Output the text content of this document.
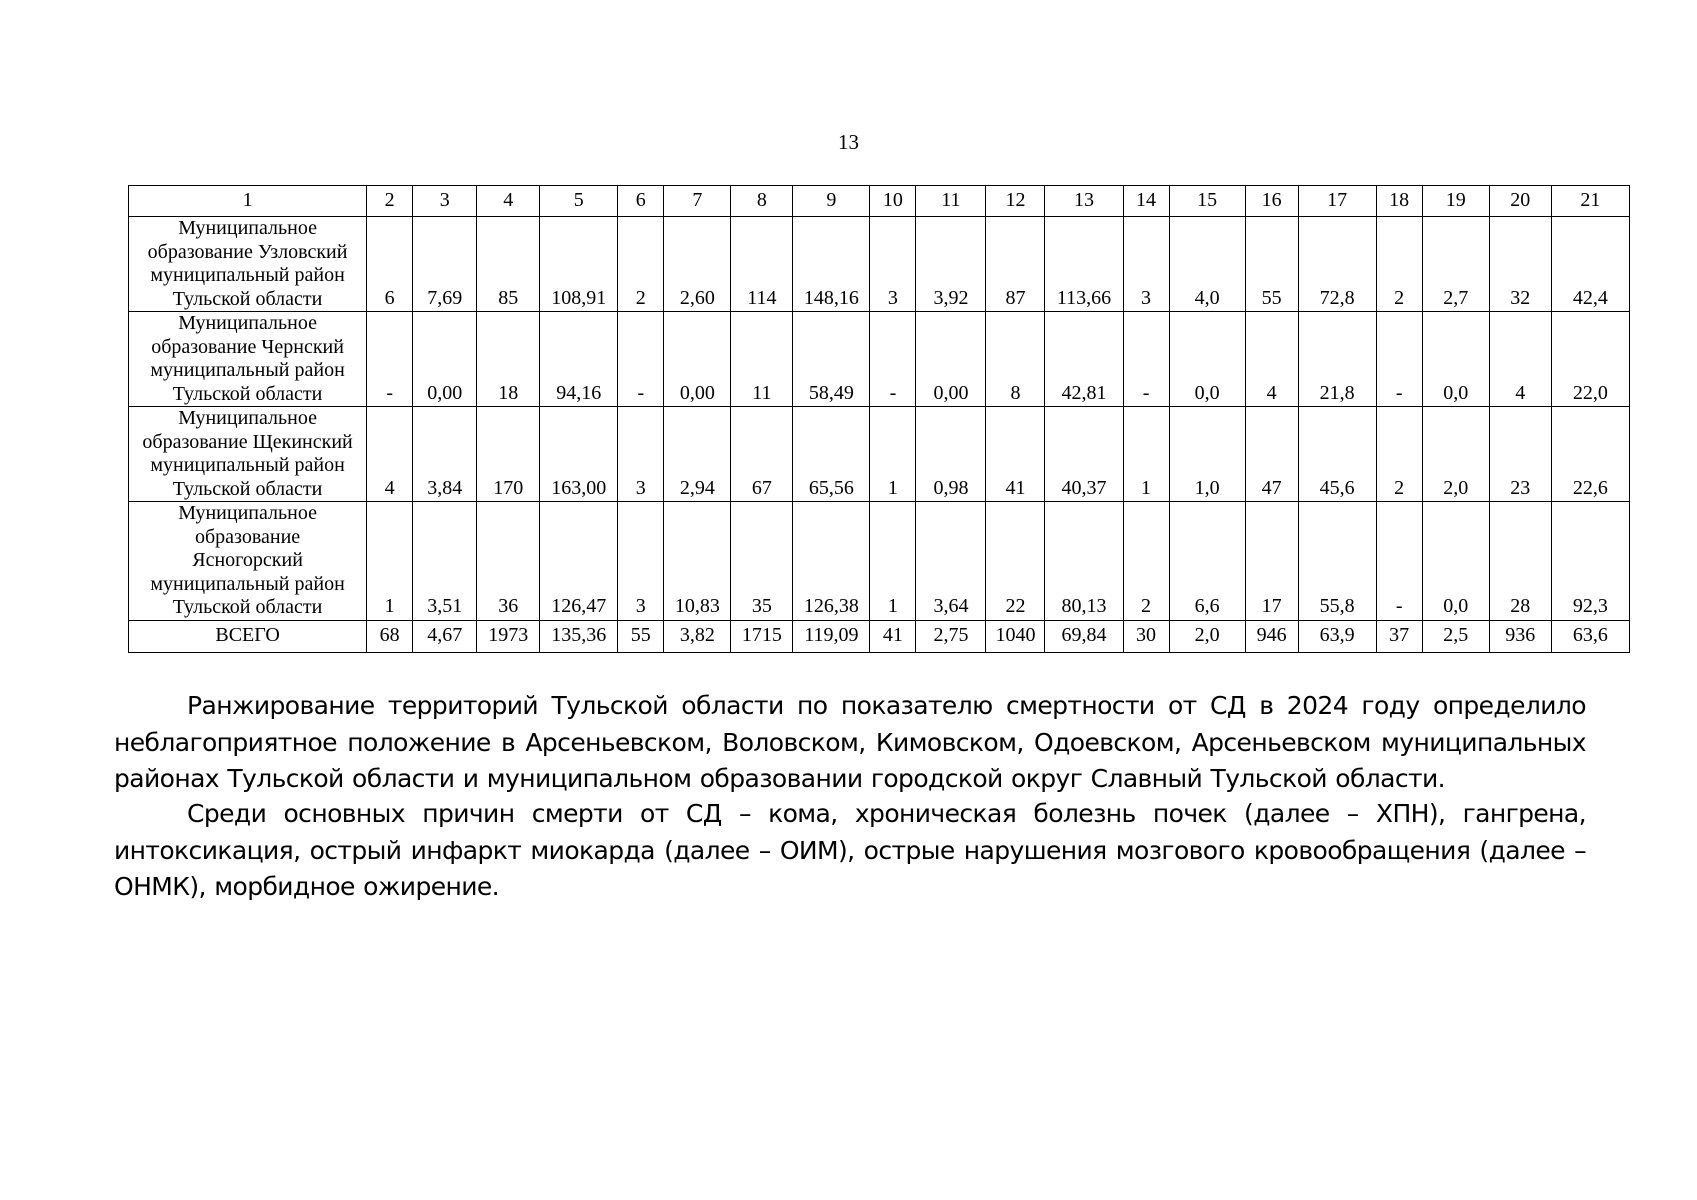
13
1	2	3	4	5	6	7	8	9	10	11	12	13	14	15	16	17	18	19	20	21

Муниципальное
образование Узловский
муниципальный район
Тульской области	6	7,69	85	108,91	2	2,60	114	148,16	3	3,92	87	113,66	3	4,0	55	72,8	2	2,7	32	42,4

Муниципальное
образование Чернский
муниципальный район
Тульской области	-	0,00	18	94,16	-	0,00	11	58,49	-	0,00	8	42,81	-	0,0	4	21,8	-	0,0	4	22,0

Муниципальное
образование Щекинский
муниципальный район
Тульской области	4	3,84	170	163,00	3	2,94	67	65,56	1	0,98	41	40,37	1	1,0	47	45,6	2	2,0	23	22,6

Муниципальное
образование
Ясногорский
муниципальный район
Тульской области	1	3,51	36	126,47	3	10,83	35	126,38	1	3,64	22	80,13	2	6,6	17	55,8	-	0,0	28	92,3
ВСЕГО	68	4,67	1973	135,36	55	3,82	1715	119,09	41	2,75	1040	69,84	30	2,0	946	63,9	37	2,5	936	63,6

Ранжирование территорий Тульской области по показателю смертности от СД в 2024 году определило неблагоприятное положение в Арсеньевском, Воловском, Кимовском, Одоевском, Арсеньевском муниципальных районах Тульской области и муниципальном образовании городской округ Славный Тульской области.

Среди основных причин смерти от СД – кома, хроническая болезнь почек (далее – ХПН), гангрена, интоксикация, острый инфаркт миокарда (далее – ОИМ), острые нарушения мозгового кровообращения (далее – ОНМК), морбидное ожирение.
